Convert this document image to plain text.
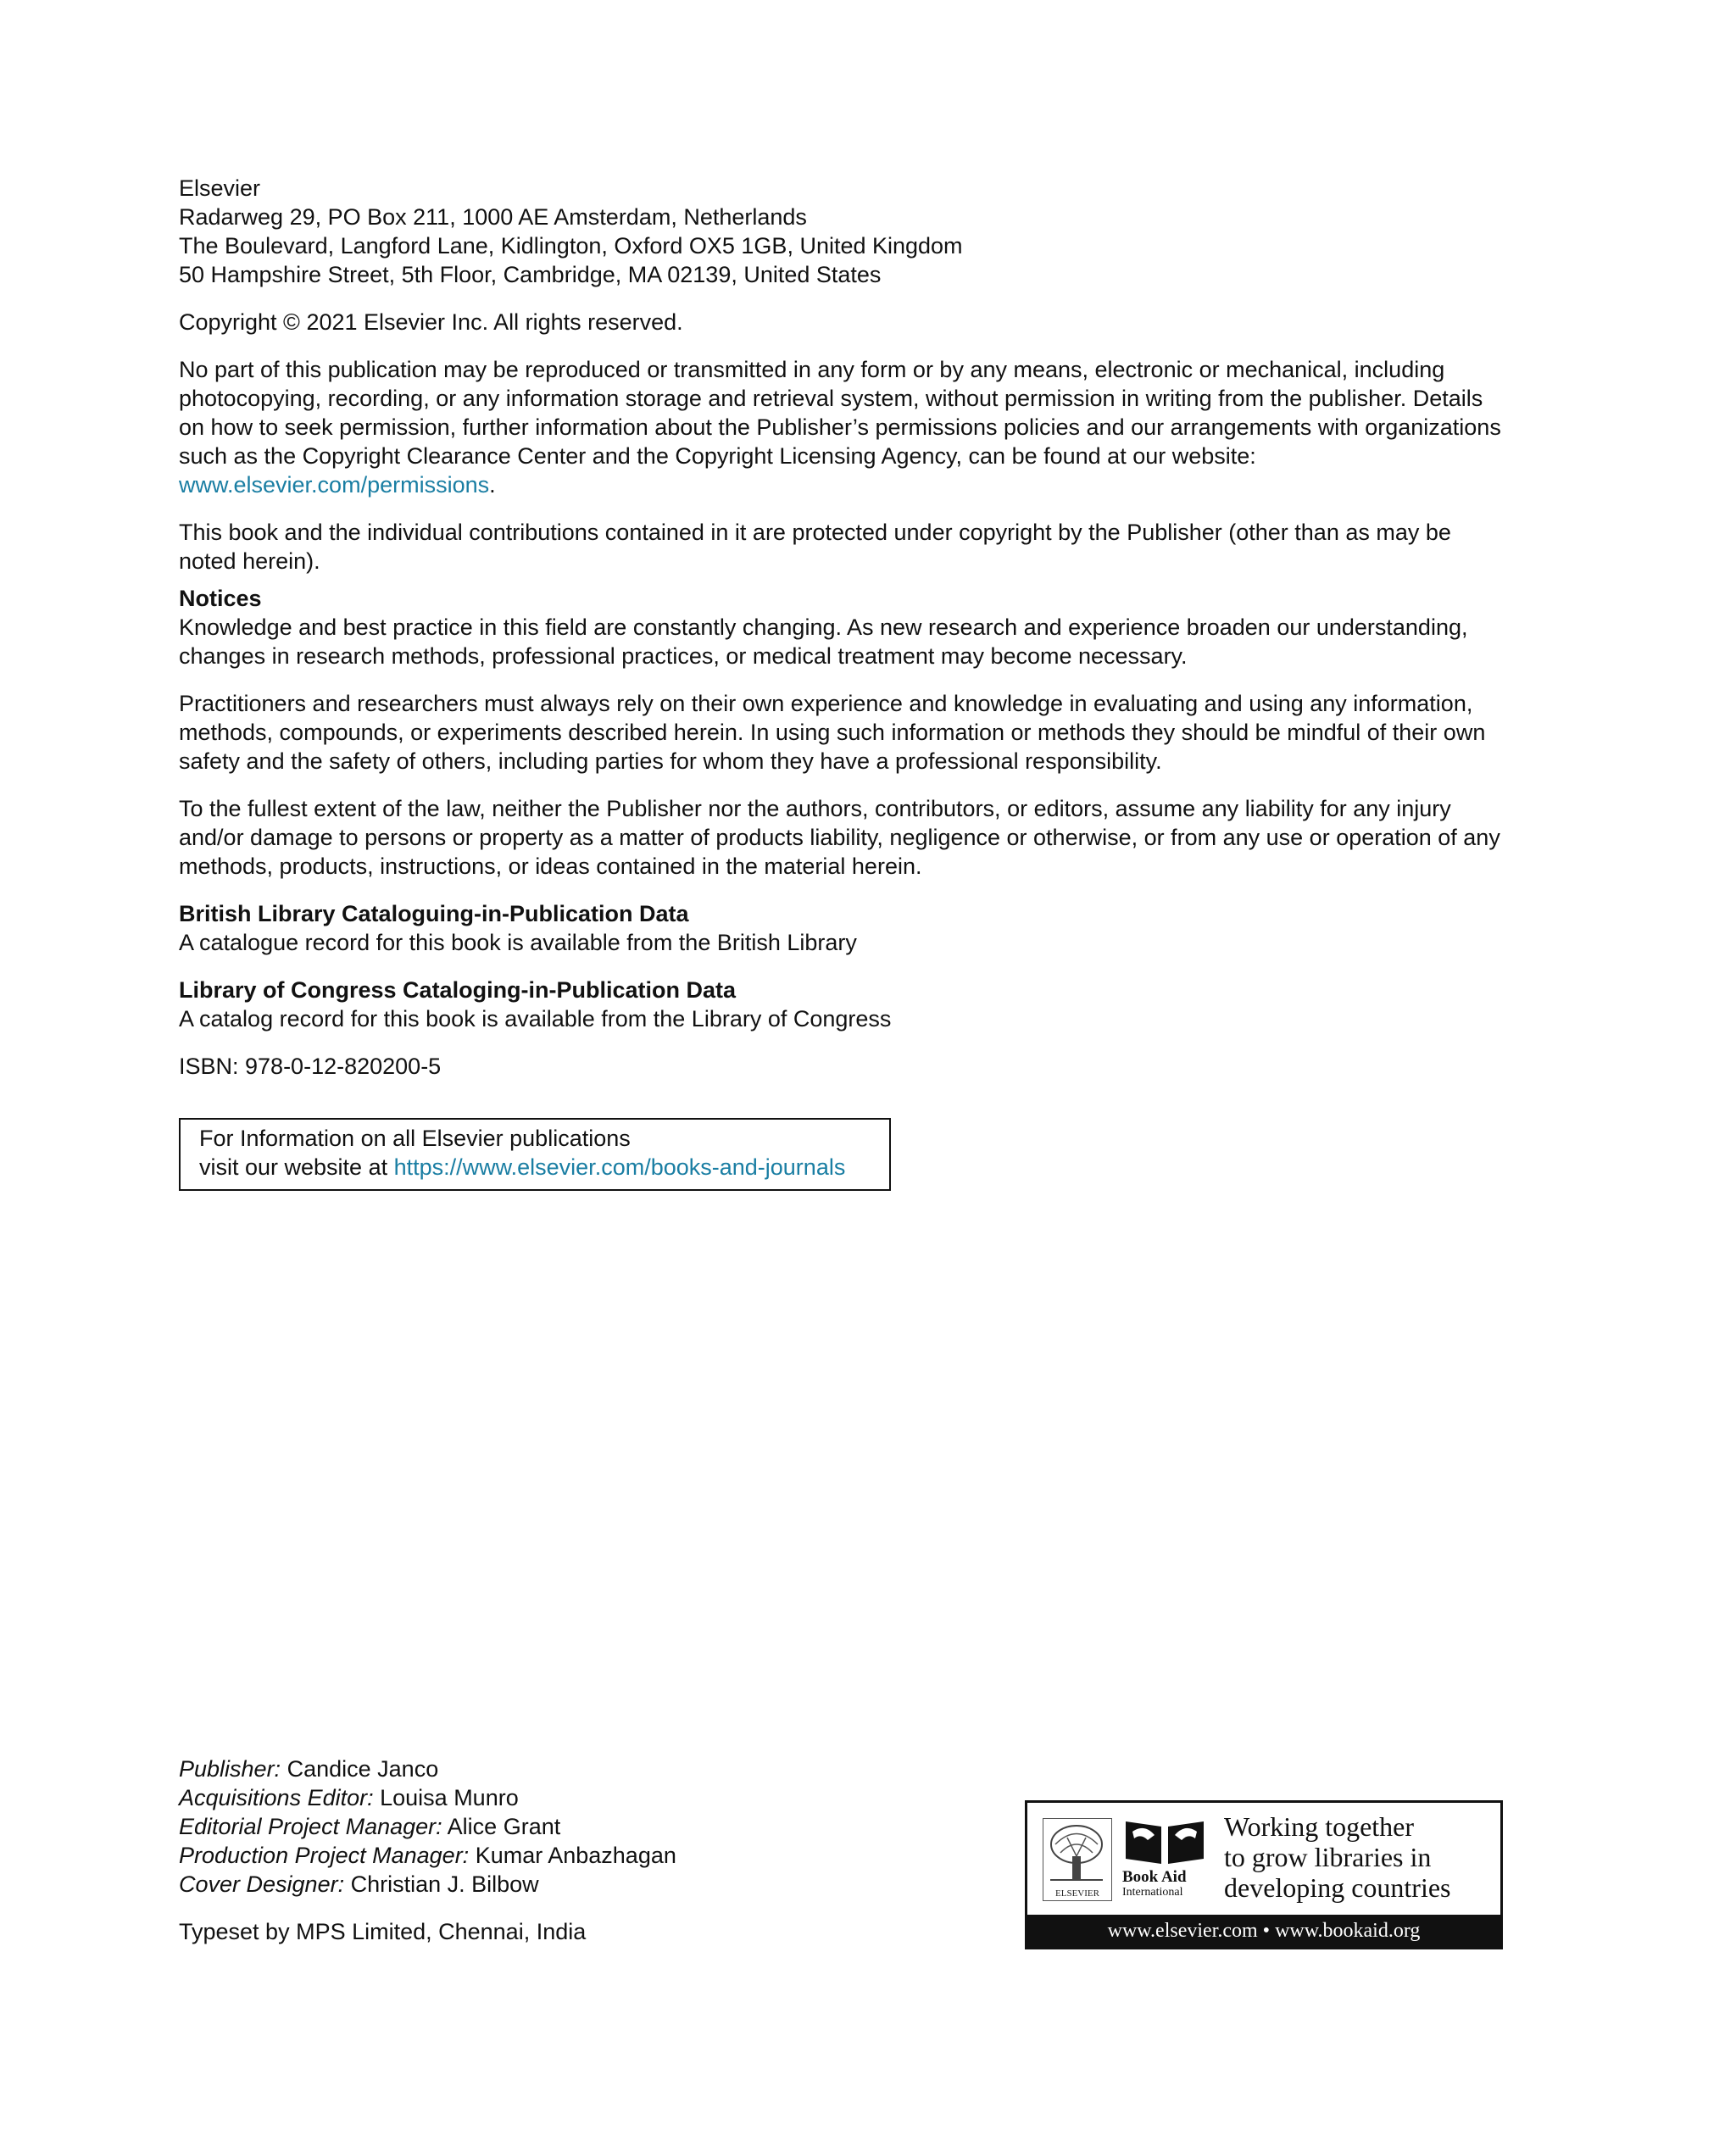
Elsevier

Radarweg 29, PO Box 211, 1000 AE Amsterdam, Netherlands

The Boulevard, Langford Lane, Kidlington, Oxford OX5 1GB, United Kingdom

50 Hampshire Street, 5th Floor, Cambridge, MA 02139, United States

Copyright © 2021 Elsevier Inc. All rights reserved.

No part of this publication may be reproduced or transmitted in any form or by any means, electronic or mechanical, including photocopying, recording, or any information storage and retrieval system, without permission in writing from the publisher. Details on how to seek permission, further information about the Publisher’s permissions policies and our arrangements with organizations such as the Copyright Clearance Center and the Copyright Licensing Agency, can be found at our website: www.elsevier.com/permissions.

This book and the individual contributions contained in it are protected under copyright by the Publisher (other than as may be noted herein).

Notices

Knowledge and best practice in this field are constantly changing. As new research and experience broaden our understanding, changes in research methods, professional practices, or medical treatment may become necessary.

Practitioners and researchers must always rely on their own experience and knowledge in evaluating and using any information, methods, compounds, or experiments described herein. In using such information or methods they should be mindful of their own safety and the safety of others, including parties for whom they have a professional responsibility.

To the fullest extent of the law, neither the Publisher nor the authors, contributors, or editors, assume any liability for any injury and/or damage to persons or property as a matter of products liability, negligence or otherwise, or from any use or operation of any methods, products, instructions, or ideas contained in the material herein.

British Library Cataloguing-in-Publication Data

A catalogue record for this book is available from the British Library

Library of Congress Cataloging-in-Publication Data

A catalog record for this book is available from the Library of Congress

ISBN: 978-0-12-820200-5

For Information on all Elsevier publications
visit our website at https://www.elsevier.com/books-and-journals
Publisher: Candice Janco
Acquisitions Editor: Louisa Munro
Editorial Project Manager: Alice Grant
Production Project Manager: Kumar Anbazhagan
Cover Designer: Christian J. Bilbow
Typeset by MPS Limited, Chennai, India
ELSEVIER
Book Aid
International
Working together
to grow libraries in
developing countries
www.elsevier.com • www.bookaid.org
